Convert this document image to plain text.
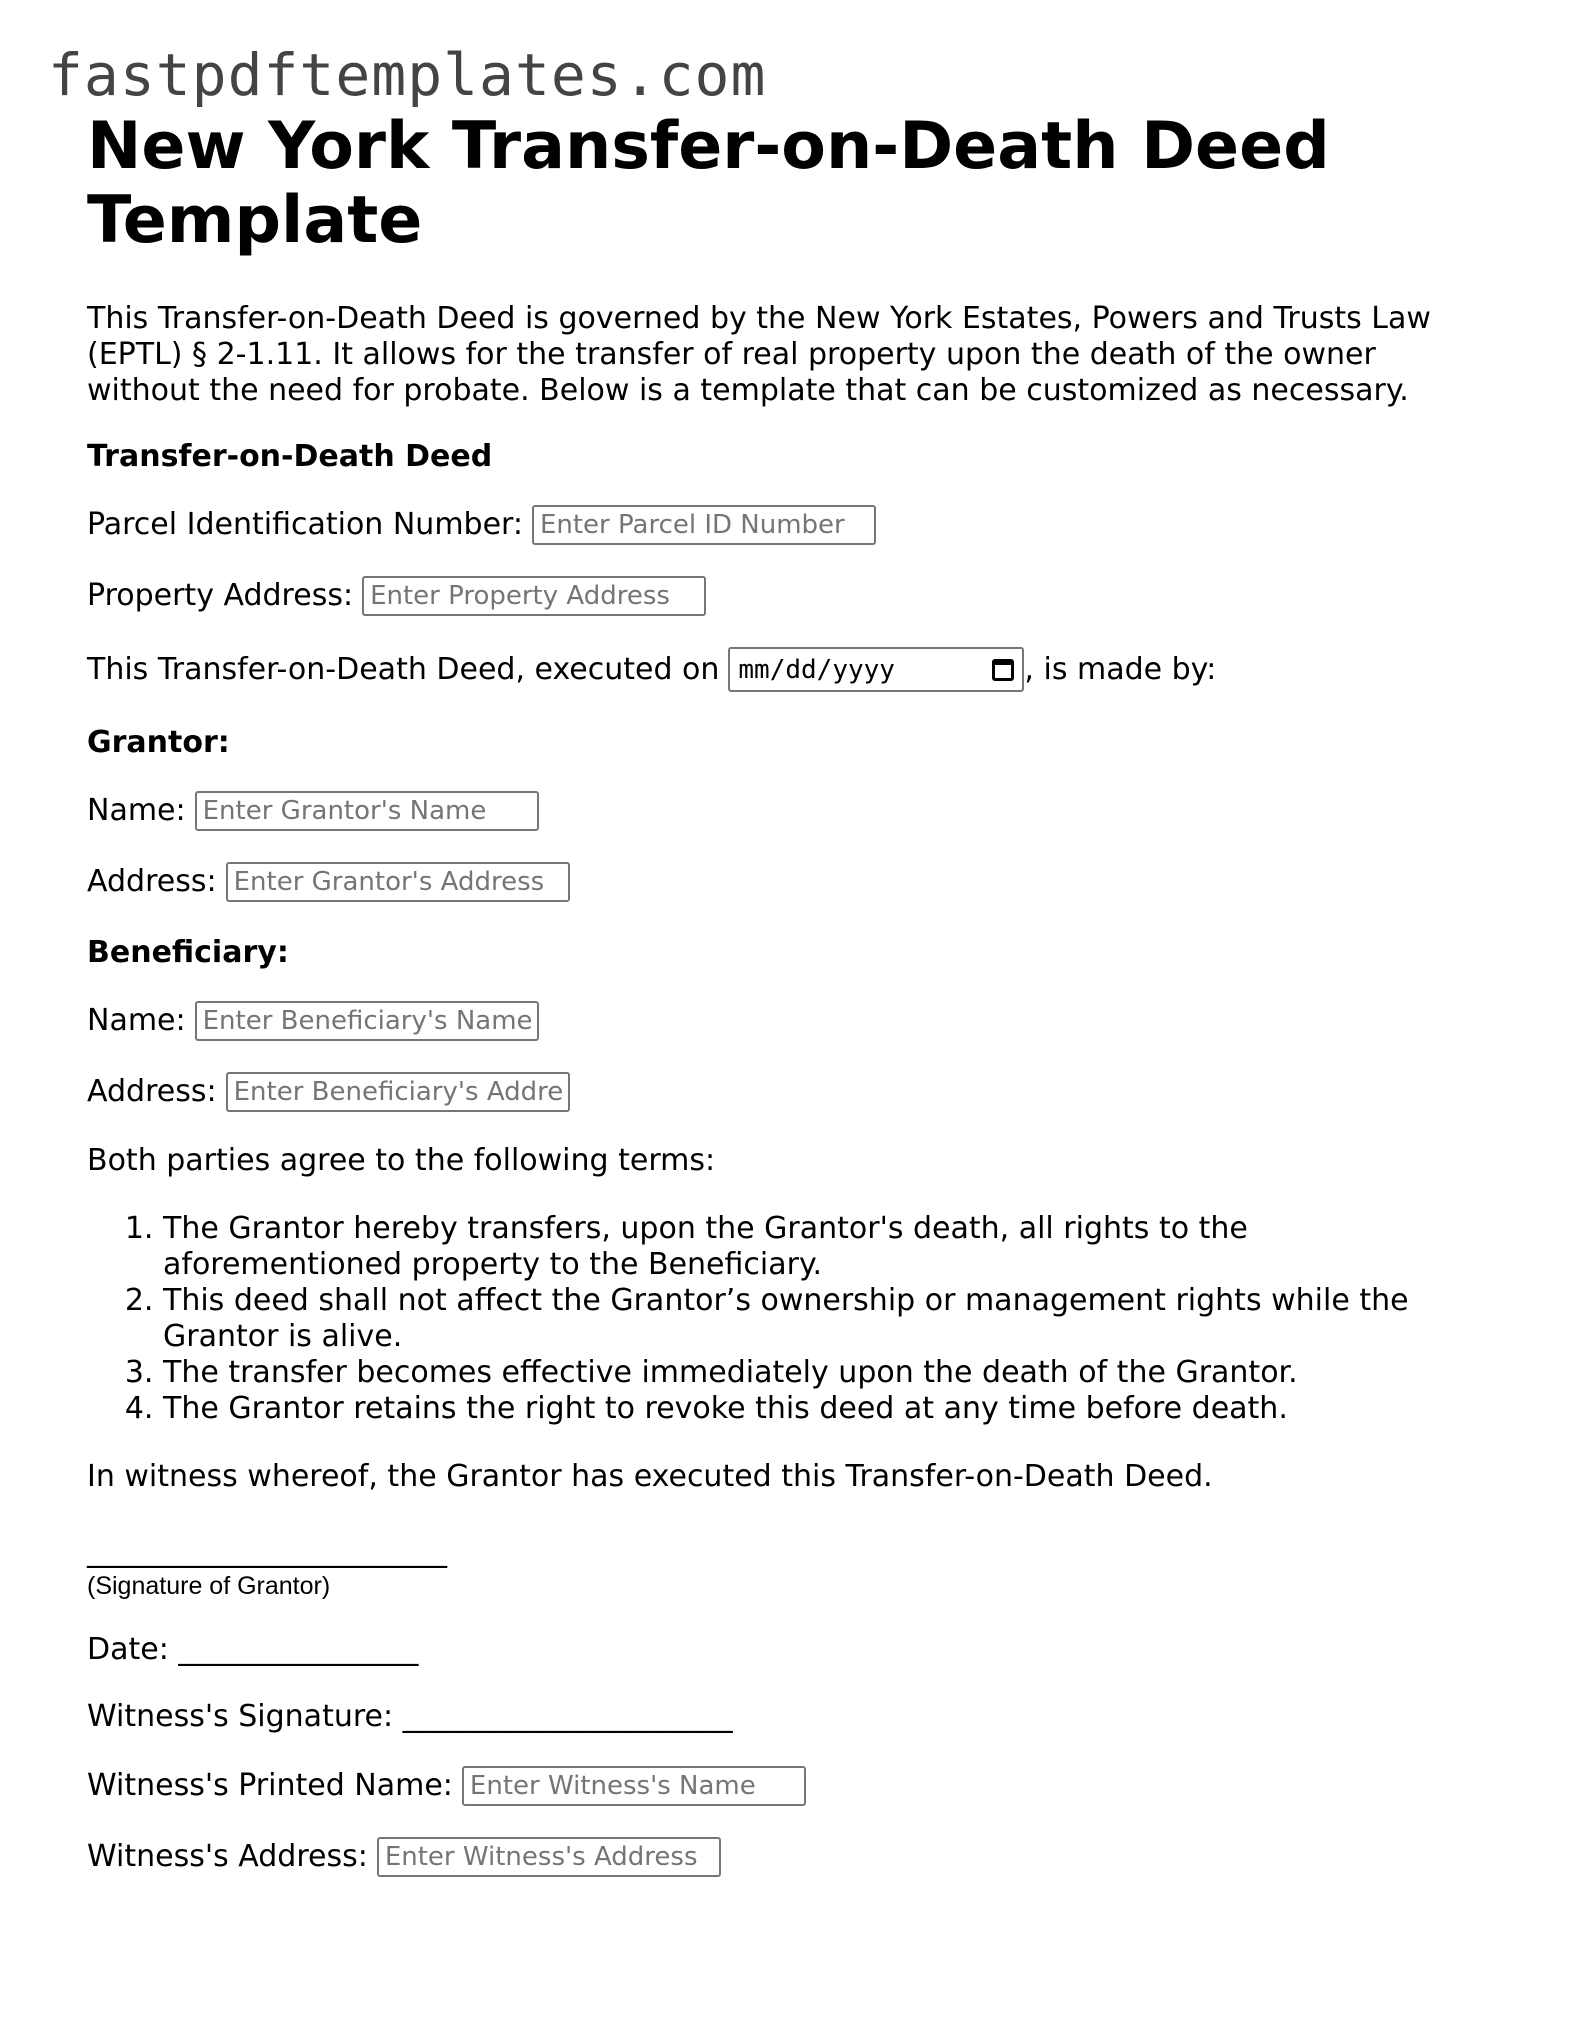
fastpdftemplates.com
New York Transfer-on-Death Deed Template

This Transfer-on-Death Deed is governed by the New York Estates, Powers and Trusts Law (EPTL) § 2-1.11. It allows for the transfer of real property upon the death of the owner without the need for probate. Below is a template that can be customized as necessary.

Transfer-on-Death Deed

Parcel Identification Number:
Enter Parcel ID Number
Property Address:
Enter Property Address
This Transfer-on-Death Deed, executed on mm/dd/yyyy	, is made by:

Grantor:

Name:
Enter Grantor's Name
Address:
Enter Grantor's Address

Beneficiary:

Name:
Enter Beneficiary's Name
Address:
Enter Beneficiary's Address

Both parties agree to the following terms:

1. The Grantor hereby transfers, upon the Grantor's death, all rights to the aforementioned property to the Beneficiary.
2. This deed shall not affect the Grantor’s ownership or management rights while the Grantor is alive.
3. The transfer becomes effective immediately upon the death of the Grantor.
4. The Grantor retains the right to revoke this deed at any time before death.

In witness whereof, the Grantor has executed this Transfer-on-Death Deed.

________________________
(Signature of Grantor)

Date: ________________

Witness's Signature: ______________________

Witness's Printed Name:
Enter Witness's Name
Witness's Address:
Enter Witness's Address
